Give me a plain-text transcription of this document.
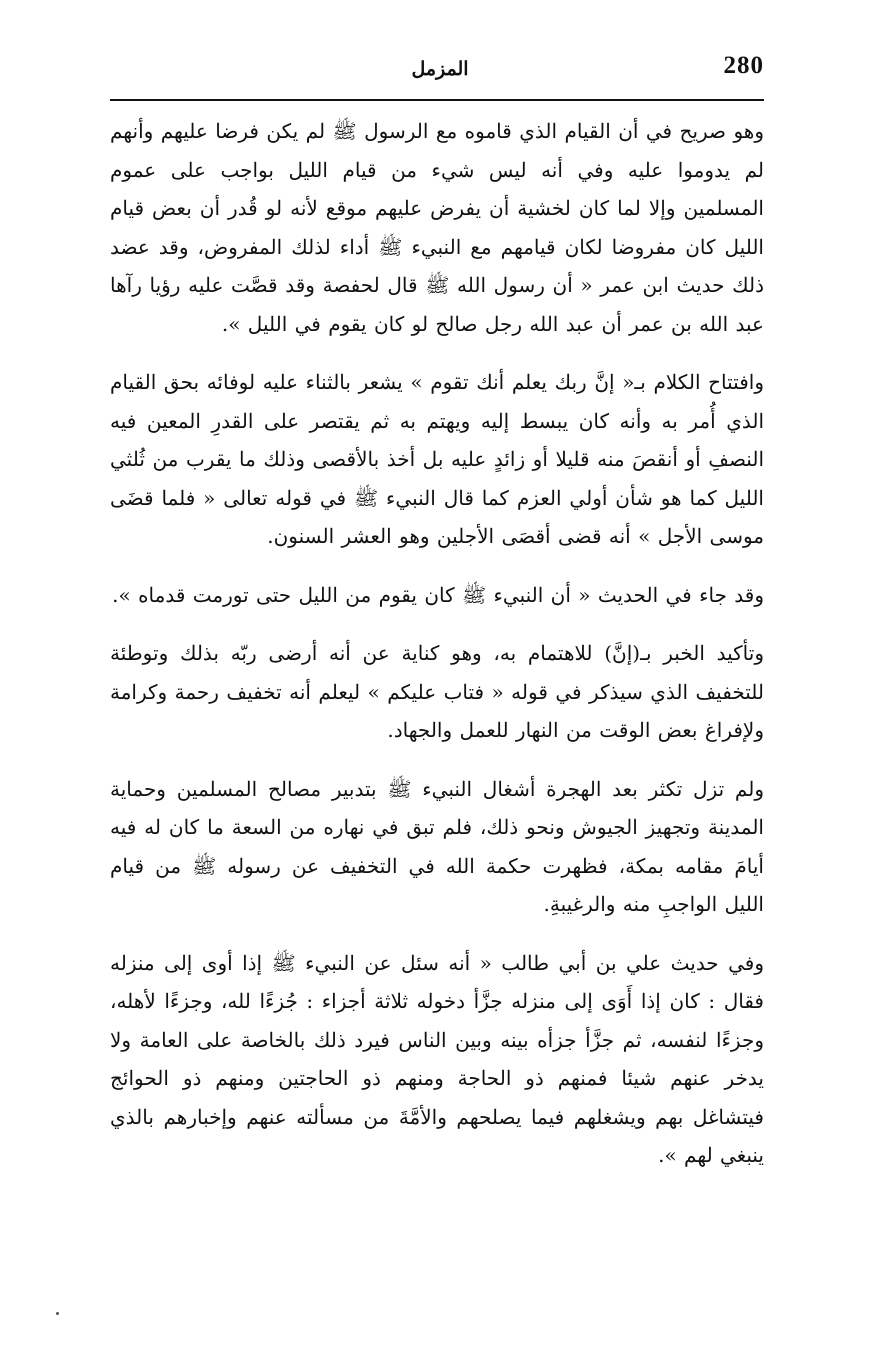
280
المزمل

وهو صريح في أن القيام الذي قاموه مع الرسول ﷺ لم يكن فرضا عليهم وأنهم لم يدوموا عليه وفي أنه ليس شيء من قيام الليل بواجب على عموم المسلمين وإلا لما كان لخشية أن يفرض عليهم موقع لأنه لو قُدر أن بعض قيام الليل كان مفروضا لكان قيامهم مع النبيء ﷺ أداء لذلك المفروض، وقد عضد ذلك حديث ابن عمر « أن رسول الله ﷺ قال لحفصة وقد قصَّت عليه رؤيا رآها عبد الله بن عمر أن عبد الله رجل صالح لو كان يقوم في الليل ».

وافتتاح الكلام بـ« إنَّ ربك يعلم أنك تقوم » يشعر بالثناء عليه لوفائه بحق القيام الذي أُمر به وأنه كان يبسط إليه ويهتم به ثم يقتصر على القدرِ المعين فيه النصفِ أو أنقصَ منه قليلا أو زائدٍ عليه بل أخذ بالأقصى وذلك ما يقرب من ثُلثي الليل كما هو شأن أولي العزم كما قال النبيء ﷺ في قوله تعالى « فلما قضَى موسى الأجل » أنه قضى أقصَى الأجلين وهو العشر السنون.

وقد جاء في الحديث « أن النبيء ﷺ كان يقوم من الليل حتى تورمت قدماه ».

وتأكيد الخبر بـ(إنَّ) للاهتمام به، وهو كناية عن أنه أرضى ربّه بذلك وتوطئة للتخفيف الذي سيذكر في قوله « فتاب عليكم » ليعلم أنه تخفيف رحمة وكرامة ولإفراغ بعض الوقت من النهار للعمل والجهاد.

ولم تزل تكثر بعد الهجرة أشغال النبيء ﷺ بتدبير مصالح المسلمين وحماية المدينة وتجهيز الجيوش ونحو ذلك، فلم تبق في نهاره من السعة ما كان له فيه أيامَ مقامه بمكة، فظهرت حكمة الله في التخفيف عن رسوله ﷺ من قيام الليل الواجبِ منه والرغيبةِ.

وفي حديث علي بن أبي طالب « أنه سئل عن النبيء ﷺ إذا أوى إلى منزله فقال : كان إذا أَوَى إلى منزله جزَّأ دخوله ثلاثة أجزاء : جُزءًا لله، وجزءًا لأهله، وجزءًا لنفسه، ثم جزَّأ جزأه بينه وبين الناس فيرد ذلك بالخاصة على العامة ولا يدخر عنهم شيئا فمنهم ذو الحاجة ومنهم ذو الحاجتين ومنهم ذو الحوائج فيتشاغل بهم ويشغلهم فيما يصلحهم والأمَّةَ من مسألته عنهم وإخبارهم بالذي ينبغي لهم ».
